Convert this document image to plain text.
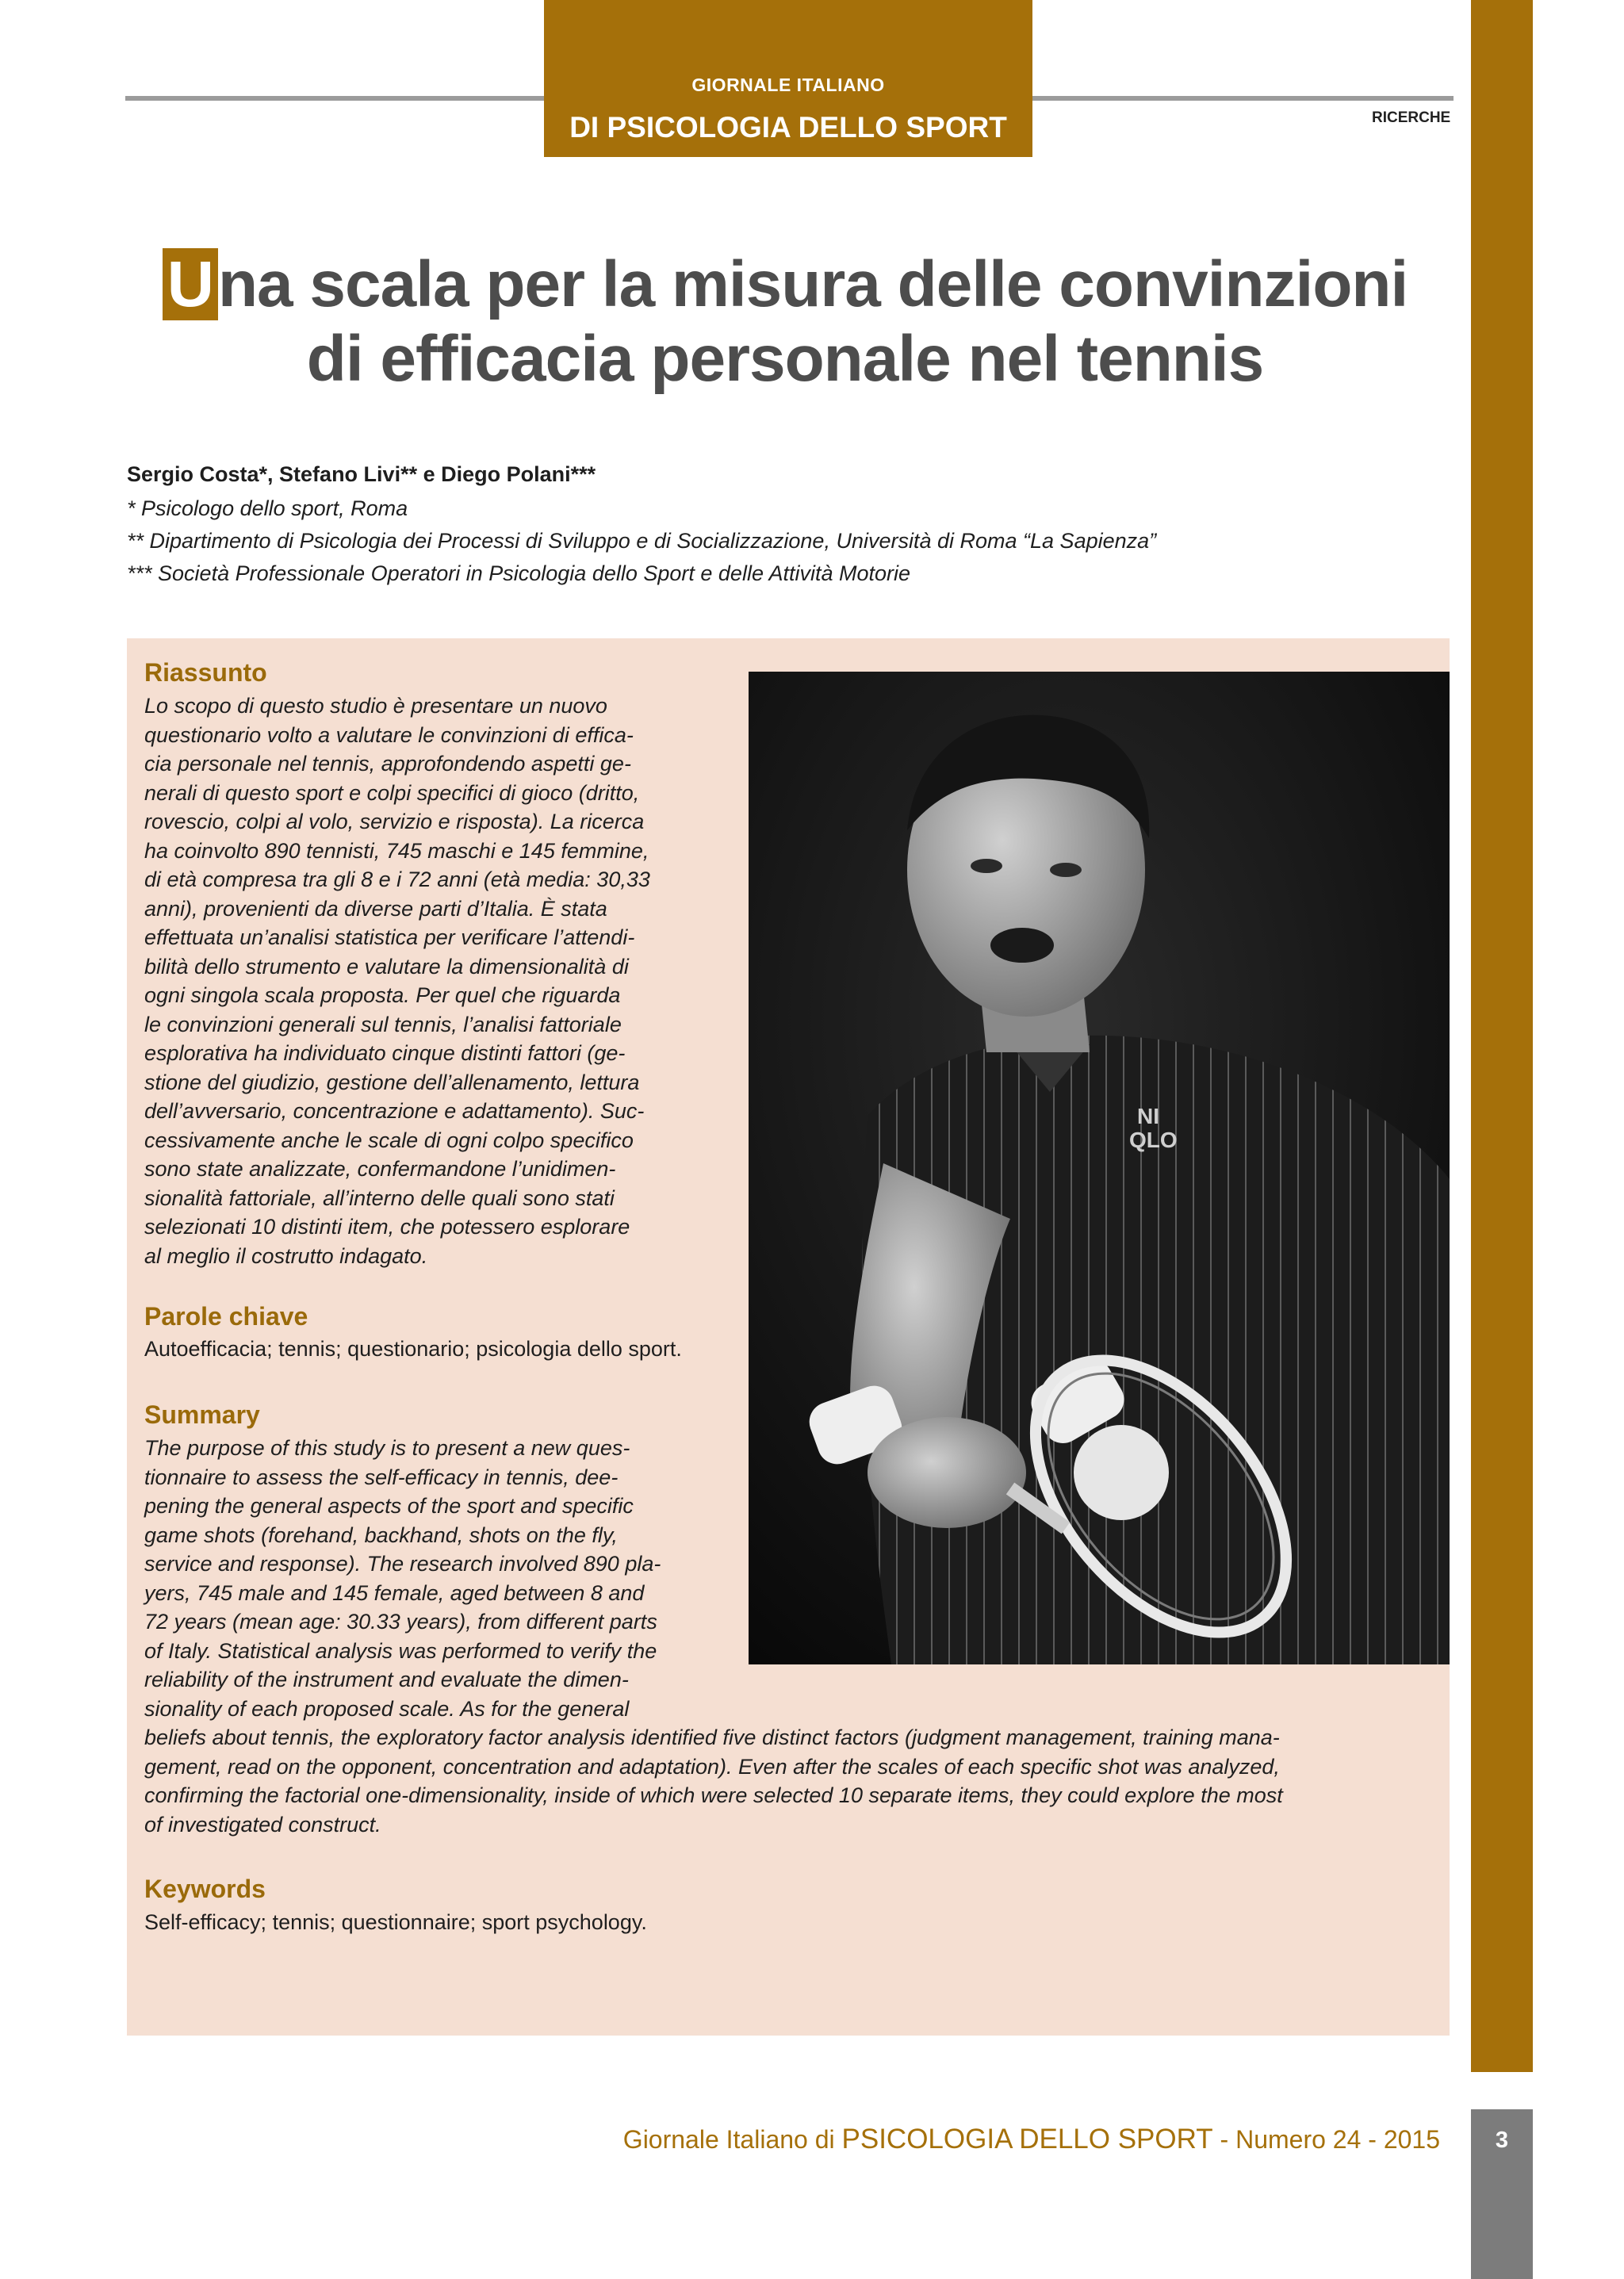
GIORNALE ITALIANO
DI PSICOLOGIA DELLO SPORT	RICERCHE
3
Una scala per la misura delle convinzioni
di efficacia personale nel tennis
Sergio Costa*, Stefano Livi** e Diego Polani***
* Psicologo dello sport, Roma
** Dipartimento di Psicologia dei Processi di Sviluppo e di Socializzazione, Università di Roma “La Sapienza”
*** Società Professionale Operatori in Psicologia dello Sport e delle Attività Motorie
NI
QLO
Riassunto
Lo scopo di questo studio è presentare un nuovo
questionario volto a valutare le convinzioni di effica-
cia personale nel tennis, approfondendo aspetti ge-
nerali di questo sport e colpi specifici di gioco (dritto,
rovescio, colpi al volo, servizio e risposta). La ricerca
ha coinvolto 890 tennisti, 745 maschi e 145 femmine,
di età compresa tra gli 8 e i 72 anni (età media: 30,33
anni), provenienti da diverse parti d’Italia. È stata
effettuata un’analisi statistica per verificare l’attendi-
bilità dello strumento e valutare la dimensionalità di
ogni singola scala proposta. Per quel che riguarda
le convinzioni generali sul tennis, l’analisi fattoriale
esplorativa ha individuato cinque distinti fattori (ge-
stione del giudizio, gestione dell’allenamento, lettura
dell’avversario, concentrazione e adattamento). Suc-
cessivamente anche le scale di ogni colpo specifico
sono state analizzate, confermandone l’unidimen-
sionalità fattoriale, all’interno delle quali sono stati
selezionati 10 distinti item, che potessero esplorare
al meglio il costrutto indagato.
Parole chiave
Autoefficacia; tennis; questionario; psicologia dello sport.
Summary
The purpose of this study is to present a new ques-
tionnaire to assess the self-efficacy in tennis, dee-
pening the general aspects of the sport and specific
game shots (forehand, backhand, shots on the fly,
service and response). The research involved 890 pla-
yers, 745 male and 145 female, aged between 8 and
72 years (mean age: 30.33 years), from different parts
of Italy. Statistical analysis was performed to verify the
reliability of the instrument and evaluate the dimen-
sionality of each proposed scale. As for the general
beliefs about tennis, the exploratory factor analysis identified five distinct factors (judgment management, training mana-
gement, read on the opponent, concentration and adaptation). Even after the scales of each specific shot was analyzed,
confirming the factorial one-dimensionality, inside of which were selected 10 separate items, they could explore the most
of investigated construct.
Keywords
Self-efficacy; tennis; questionnaire; sport psychology.
Giornale Italiano di PSICOLOGIA DELLO SPORT - Numero 24 - 2015
